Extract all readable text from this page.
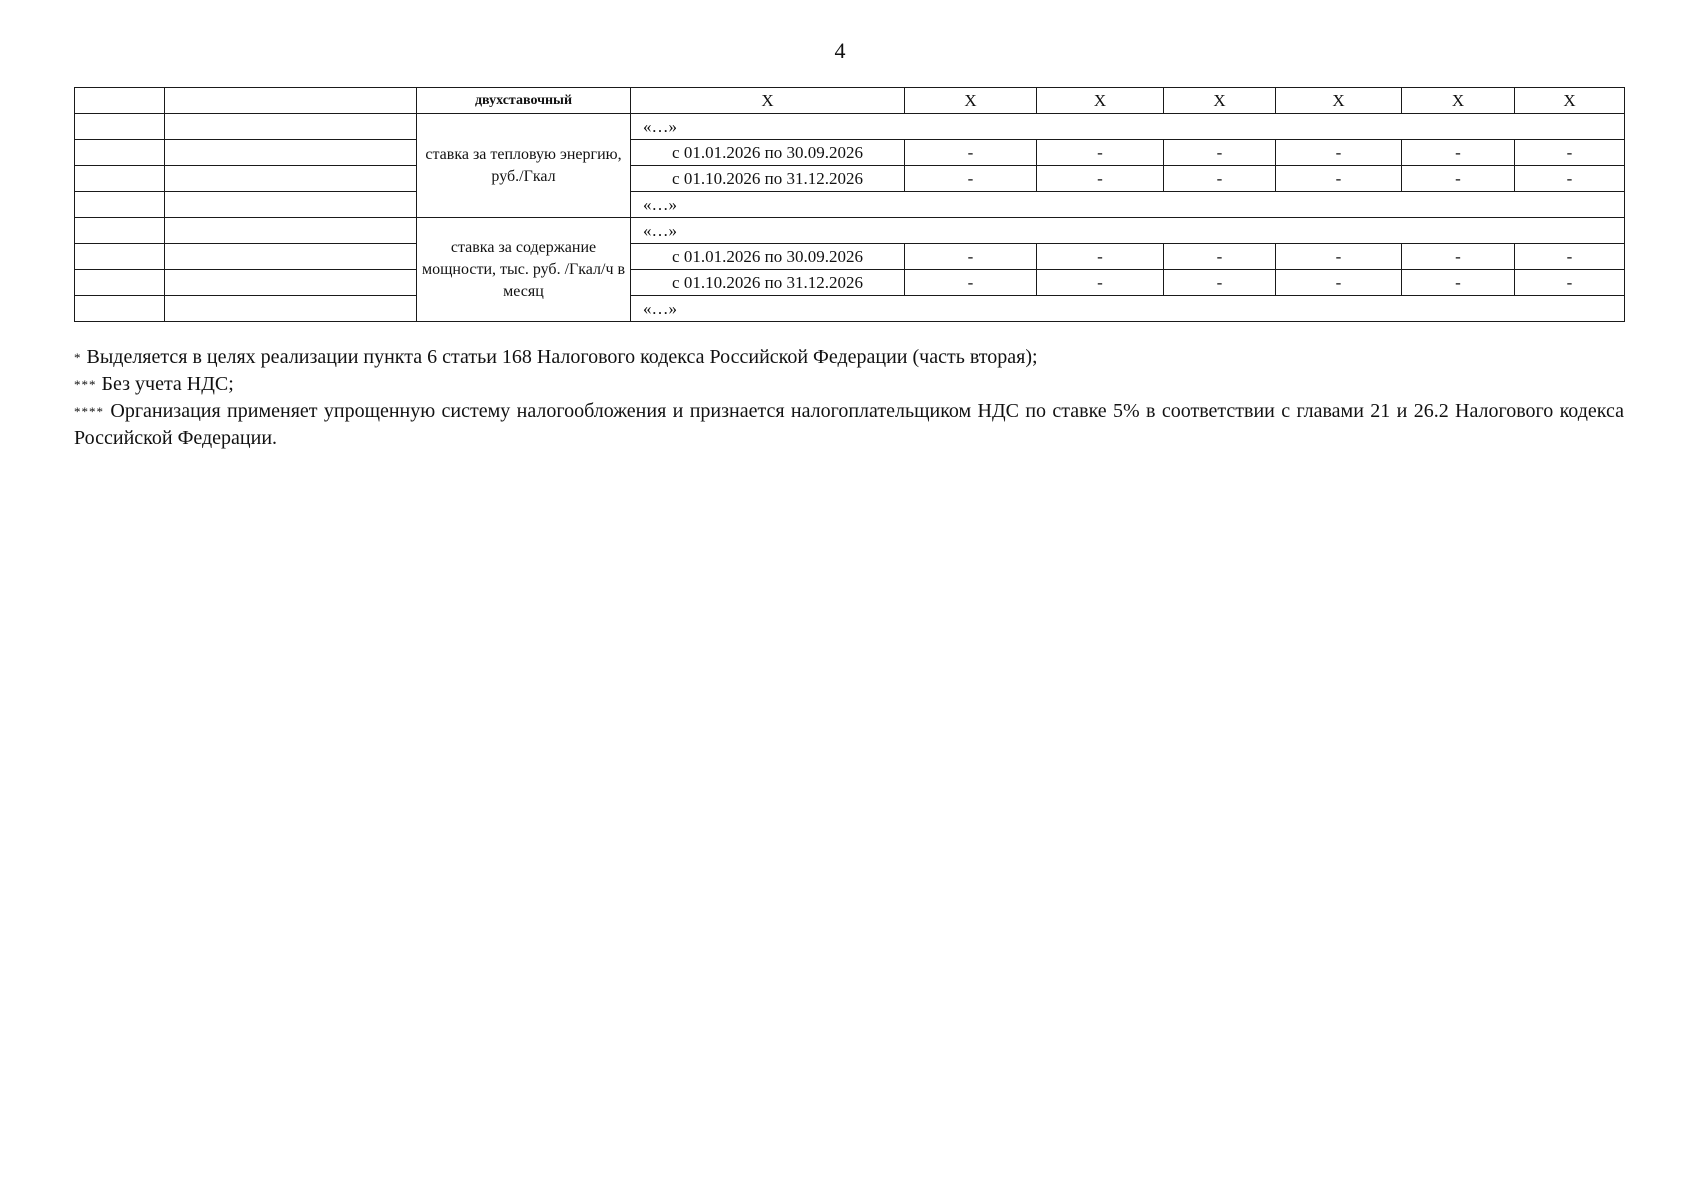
4
		двухставочный	Х	Х	Х	Х	Х	Х	Х
		ставка за тепловую энергию, руб./Гкал	«…»						
			с 01.01.2026 по 30.09.2026	-	-	-	-	-	-
			с 01.10.2026 по 31.12.2026	-	-	-	-	-	-
			«…»						
		ставка за содержание мощности, тыс. руб. /Гкал/ч в месяц	«…»						
			с 01.01.2026 по 30.09.2026	-	-	-	-	-	-
			с 01.10.2026 по 31.12.2026	-	-	-	-	-	-
			«…»						

* Выделяется в целях реализации пункта 6 статьи 168 Налогового кодекса Российской Федерации (часть вторая);

*** Без учета НДС;

**** Организация применяет упрощенную систему налогообложения и признается налогоплательщиком НДС по ставке 5% в соответствии с главами 21 и 26.2 Налогового кодекса Российской Федерации.
